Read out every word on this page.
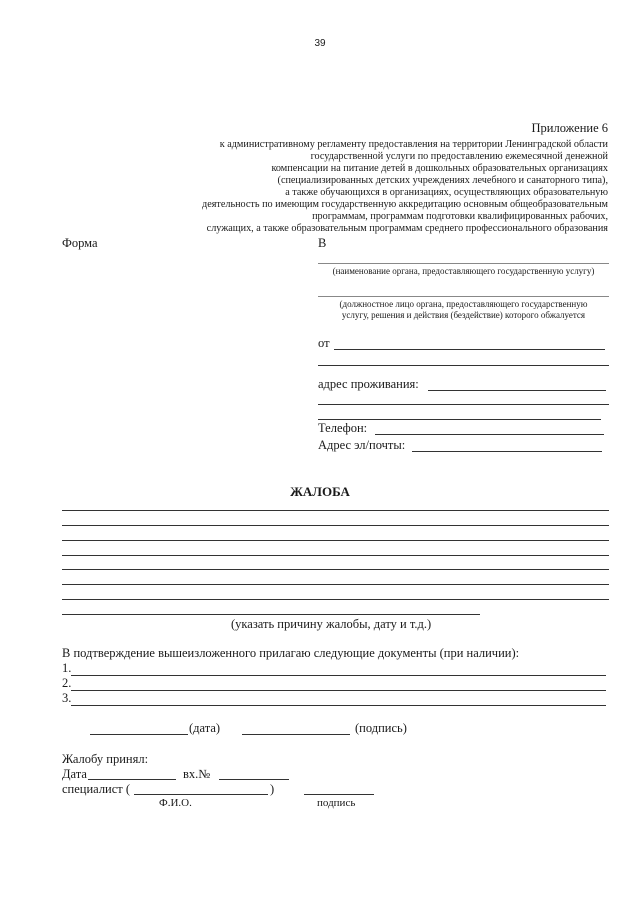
39
Приложение 6
к административному регламенту предоставления на территории Ленинградской области
государственной услуги по предоставлению ежемесячной денежной
компенсации на питание детей в дошкольных образовательных организациях
(специализированных детских учреждениях лечебного и санаторного типа),
а также обучающихся в организациях, осуществляющих образовательную
деятельность по имеющим государственную аккредитацию основным общеобразовательным
программам, программам подготовки квалифицированных рабочих,
служащих, а также образовательным программам среднего профессионального образования
Форма	В
(наименование органа, предоставляющего государственную услугу)
(должностное лицо органа, предоставляющего государственную
услугу, решения и действия (бездействие) которого обжалуется
от
адрес проживания:
Телефон:
Адрес эл/почты:
ЖАЛОБА
(указать причину жалобы, дату и т.д.)
В подтверждение вышеизложенного прилагаю следующие документы (при наличии):
1.
2.
3.
(дата)	(подпись)
Жалобу принял:
Дата	вх.№
специалист (	)
Ф.И.О.	подпись
